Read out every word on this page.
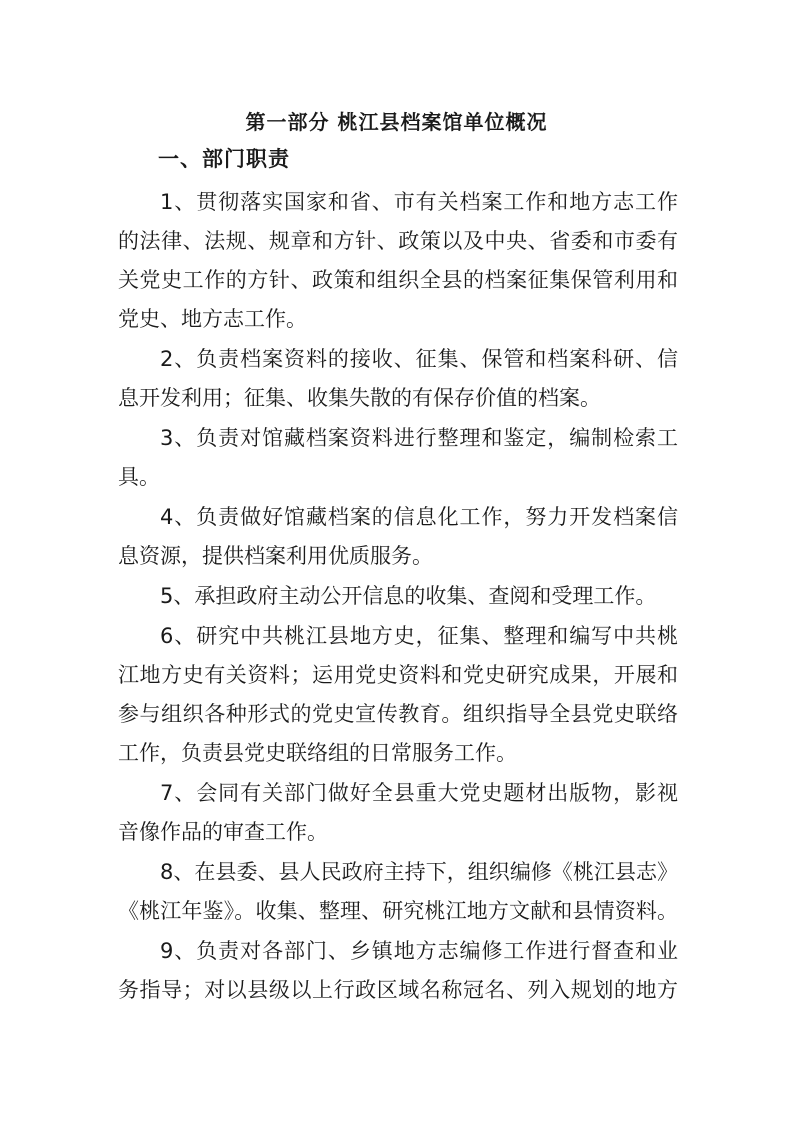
第一部分 桃江县档案馆单位概况
一、部门职责

1、贯彻落实国家和省、市有关档案工作和地方志工作
的法律、法规、规章和方针、政策以及中央、省委和市委有
关党史工作的方针、政策和组织全县的档案征集保管利用和
党史、地方志工作。

2、负责档案资料的接收、征集、保管和档案科研、信
息开发利用；征集、收集失散的有保存价值的档案。

3、负责对馆藏档案资料进行整理和鉴定，编制检索工
具。

4、负责做好馆藏档案的信息化工作，努力开发档案信
息资源，提供档案利用优质服务。

5、承担政府主动公开信息的收集、查阅和受理工作。

6、研究中共桃江县地方史，征集、整理和编写中共桃
江地方史有关资料；运用党史资料和党史研究成果，开展和
参与组织各种形式的党史宣传教育。组织指导全县党史联络
工作，负责县党史联络组的日常服务工作。

7、会同有关部门做好全县重大党史题材出版物，影视
音像作品的审查工作。

8、在县委、县人民政府主持下，组织编修《桃江县志》
《桃江年鉴》。收集、整理、研究桃江地方文献和县情资料。

9、负责对各部门、乡镇地方志编修工作进行督查和业
务指导；对以县级以上行政区域名称冠名、列入规划的地方
